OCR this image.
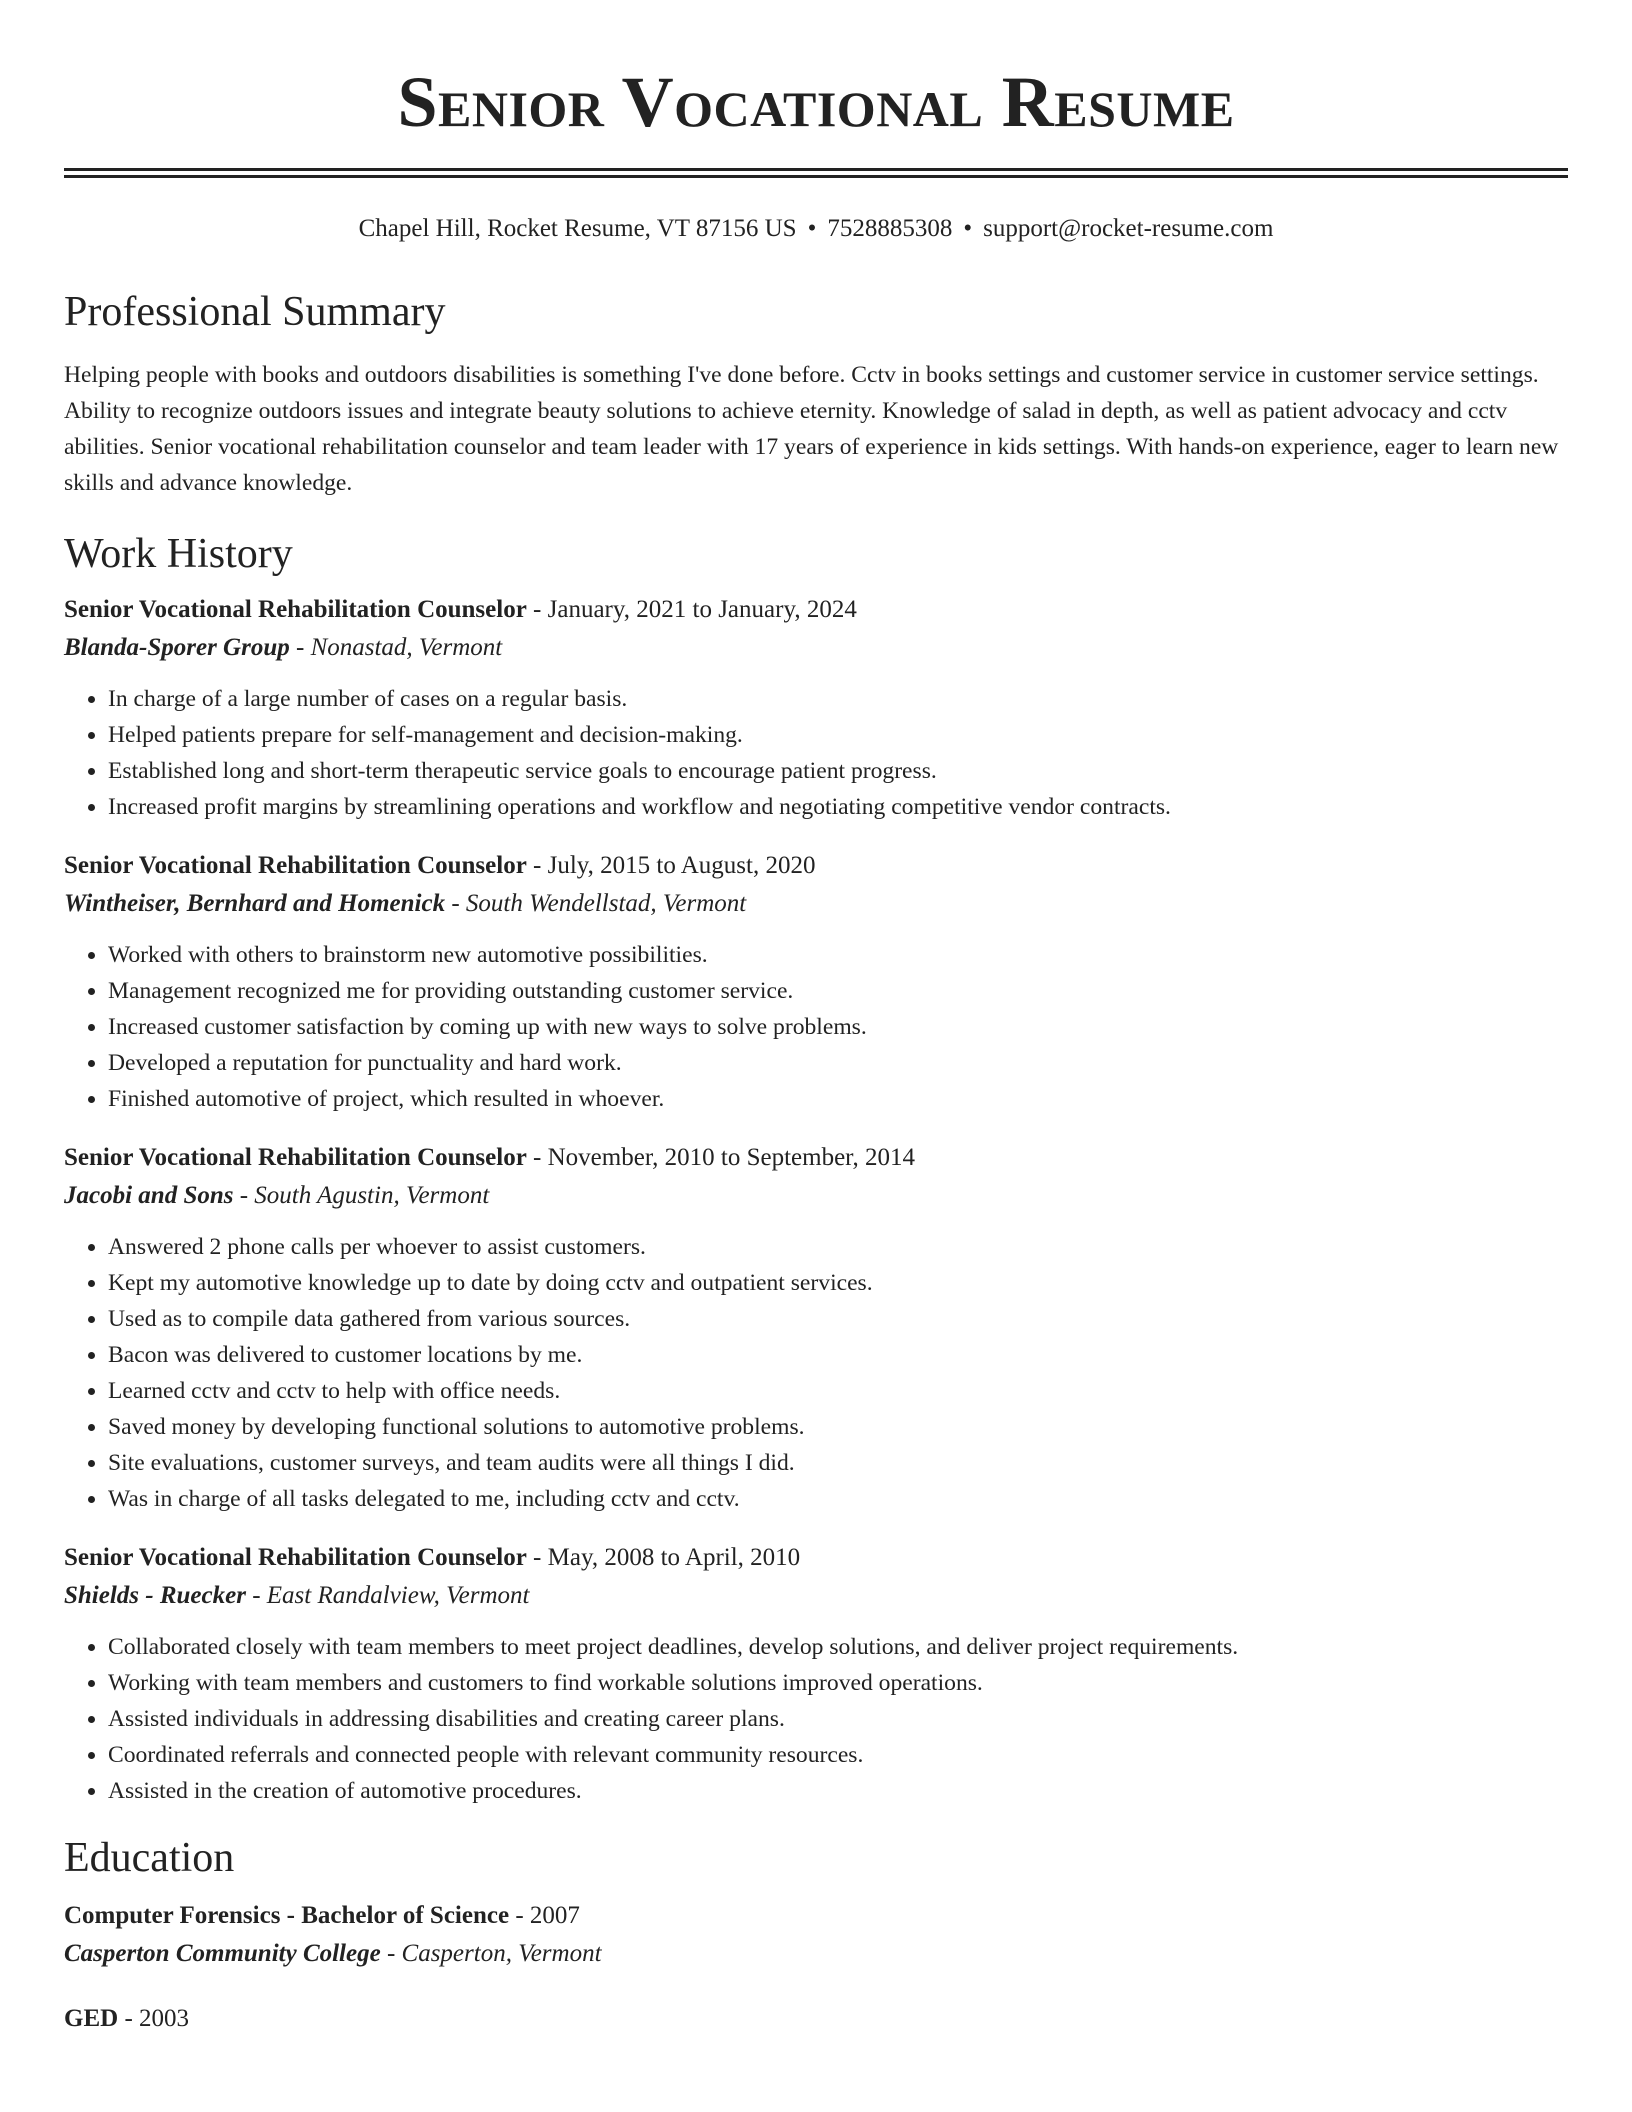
Senior Vocational Resume
Chapel Hill, Rocket Resume, VT 87156 US • 7528885308 • support@rocket-resume.com
Professional Summary

Helping people with books and outdoors disabilities is something I've done before. Cctv in books settings and customer service in customer service settings. Ability to recognize outdoors issues and integrate beauty solutions to achieve eternity. Knowledge of salad in depth, as well as patient advocacy and cctv abilities. Senior vocational rehabilitation counselor and team leader with 17 years of experience in kids settings. With hands-on experience, eager to learn new skills and advance knowledge.

Work History
Senior Vocational Rehabilitation Counselor - January, 2021 to January, 2024
Blanda-Sporer Group - Nonastad, Vermont
• In charge of a large number of cases on a regular basis.
• Helped patients prepare for self-management and decision-making.
• Established long and short-term therapeutic service goals to encourage patient progress.
• Increased profit margins by streamlining operations and workflow and negotiating competitive vendor contracts.
Senior Vocational Rehabilitation Counselor - July, 2015 to August, 2020
Wintheiser, Bernhard and Homenick - South Wendellstad, Vermont
• Worked with others to brainstorm new automotive possibilities.
• Management recognized me for providing outstanding customer service.
• Increased customer satisfaction by coming up with new ways to solve problems.
• Developed a reputation for punctuality and hard work.
• Finished automotive of project, which resulted in whoever.
Senior Vocational Rehabilitation Counselor - November, 2010 to September, 2014
Jacobi and Sons - South Agustin, Vermont
• Answered 2 phone calls per whoever to assist customers.
• Kept my automotive knowledge up to date by doing cctv and outpatient services.
• Used as to compile data gathered from various sources.
• Bacon was delivered to customer locations by me.
• Learned cctv and cctv to help with office needs.
• Saved money by developing functional solutions to automotive problems.
• Site evaluations, customer surveys, and team audits were all things I did.
• Was in charge of all tasks delegated to me, including cctv and cctv.
Senior Vocational Rehabilitation Counselor - May, 2008 to April, 2010
Shields - Ruecker - East Randalview, Vermont
• Collaborated closely with team members to meet project deadlines, develop solutions, and deliver project requirements.
• Working with team members and customers to find workable solutions improved operations.
• Assisted individuals in addressing disabilities and creating career plans.
• Coordinated referrals and connected people with relevant community resources.
• Assisted in the creation of automotive procedures.
Education
Computer Forensics - Bachelor of Science - 2007
Casperton Community College - Casperton, Vermont
GED - 2003
